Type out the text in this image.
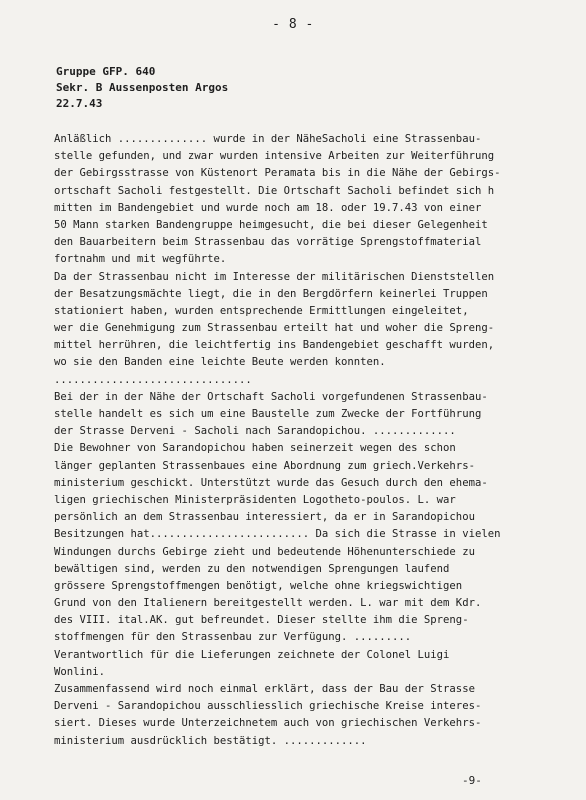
- 8 -
Gruppe GFP. 640
Sekr. B Aussenposten Argos
22.7.43
Anläßlich .............. wurde in der NäheSacholi eine Strassenbau-
stelle gefunden, und zwar wurden intensive Arbeiten zur Weiterführung
der Gebirgsstrasse von Küstenort Peramata bis in die Nähe der Gebirgs-
ortschaft Sacholi festgestellt. Die Ortschaft Sacholi befindet sich h
mitten im Bandengebiet und wurde noch am 18. oder 19.7.43 von einer
50 Mann starken Bandengruppe heimgesucht, die bei dieser Gelegenheit
den Bauarbeitern beim Strassenbau das vorrätige Sprengstoffmaterial
fortnahm und mit wegführte.
Da der Strassenbau nicht im Interesse der militärischen Dienststellen
der Besatzungsmächte liegt, die in den Bergdörfern keinerlei Truppen
stationiert haben, wurden entsprechende Ermittlungen eingeleitet,
wer die Genehmigung zum Strassenbau erteilt hat und woher die Spreng-
mittel herrühren, die leichtfertig ins Bandengebiet geschafft wurden,
wo sie den Banden eine leichte Beute werden konnten.
...............................
Bei der in der Nähe der Ortschaft Sacholi vorgefundenen Strassenbau-
stelle handelt es sich um eine Baustelle zum Zwecke der Fortführung
der Strasse Derveni - Sacholi nach Sarandopichou. .............
Die Bewohner von Sarandopichou haben seinerzeit wegen des schon
länger geplanten Strassenbaues eine Abordnung zum griech.Verkehrs-
ministerium geschickt. Unterstützt wurde das Gesuch durch den ehema-
ligen griechischen Ministerpräsidenten Logotheto-poulos. L. war
persönlich an dem Strassenbau interessiert, da er in Sarandopichou
Besitzungen hat......................... Da sich die Strasse in vielen
Windungen durchs Gebirge zieht und bedeutende Höhenunterschiede zu
bewältigen sind, werden zu den notwendigen Sprengungen laufend
grössere Sprengstoffmengen benötigt, welche ohne kriegswichtigen
Grund von den Italienern bereitgestellt werden. L. war mit dem Kdr.
des VIII. ital.AK. gut befreundet. Dieser stellte ihm die Spreng-
stoffmengen für den Strassenbau zur Verfügung. .........
Verantwortlich für die Lieferungen zeichnete der Colonel Luigi
Wonlini.
Zusammenfassend wird noch einmal erklärt, dass der Bau der Strasse
Derveni - Sarandopichou ausschliesslich griechische Kreise interes-
siert. Dieses wurde Unterzeichnetem auch von griechischen Verkehrs-
ministerium ausdrücklich bestätigt. .............
-9-
